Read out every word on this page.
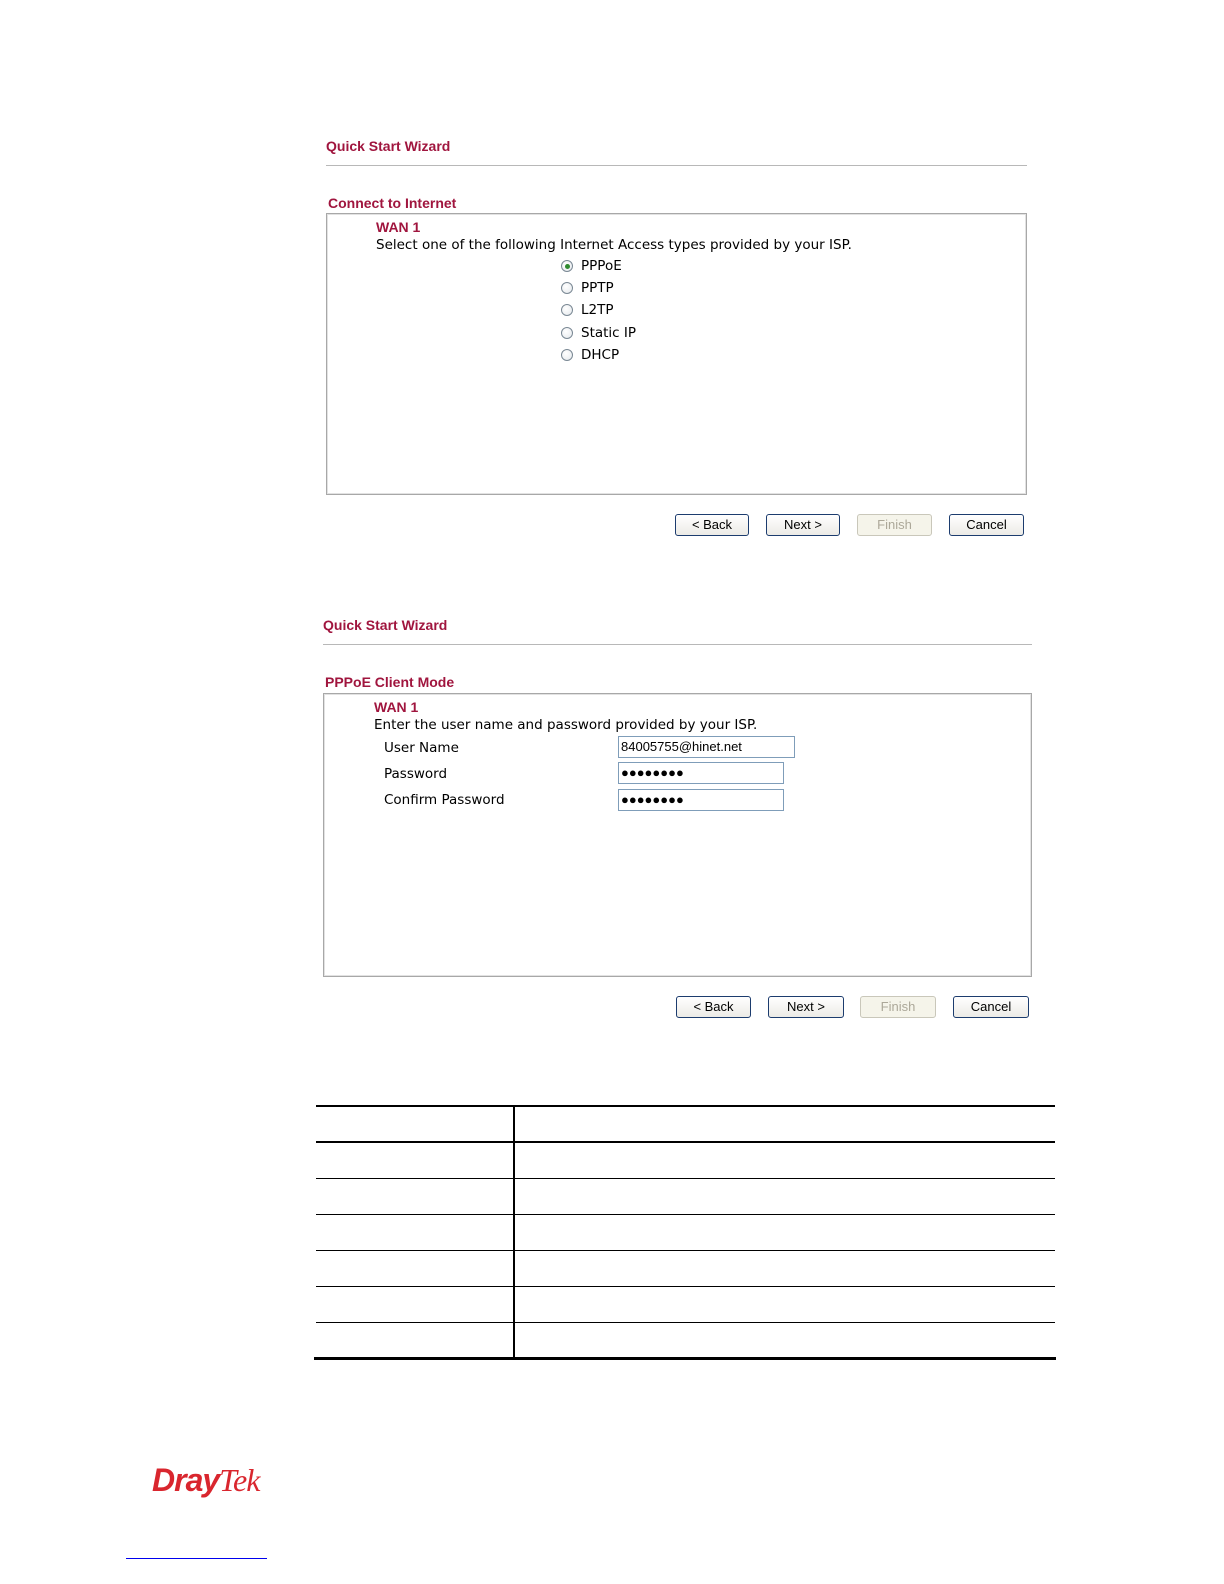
Quick Start Wizard
Connect to Internet
WAN 1
Select one of the following Internet Access types provided by your ISP.
PPPoE
PPTP
L2TP
Static IP
DHCP
< Back	Next >	Finish	Cancel
Quick Start Wizard
PPPoE Client Mode
WAN 1
Enter the user name and password provided by your ISP.
User Name	84005755@hinet.net
Password	●●●●●●●●
Confirm Password	●●●●●●●●
< Back	Next >	Finish	Cancel
DrayTek
